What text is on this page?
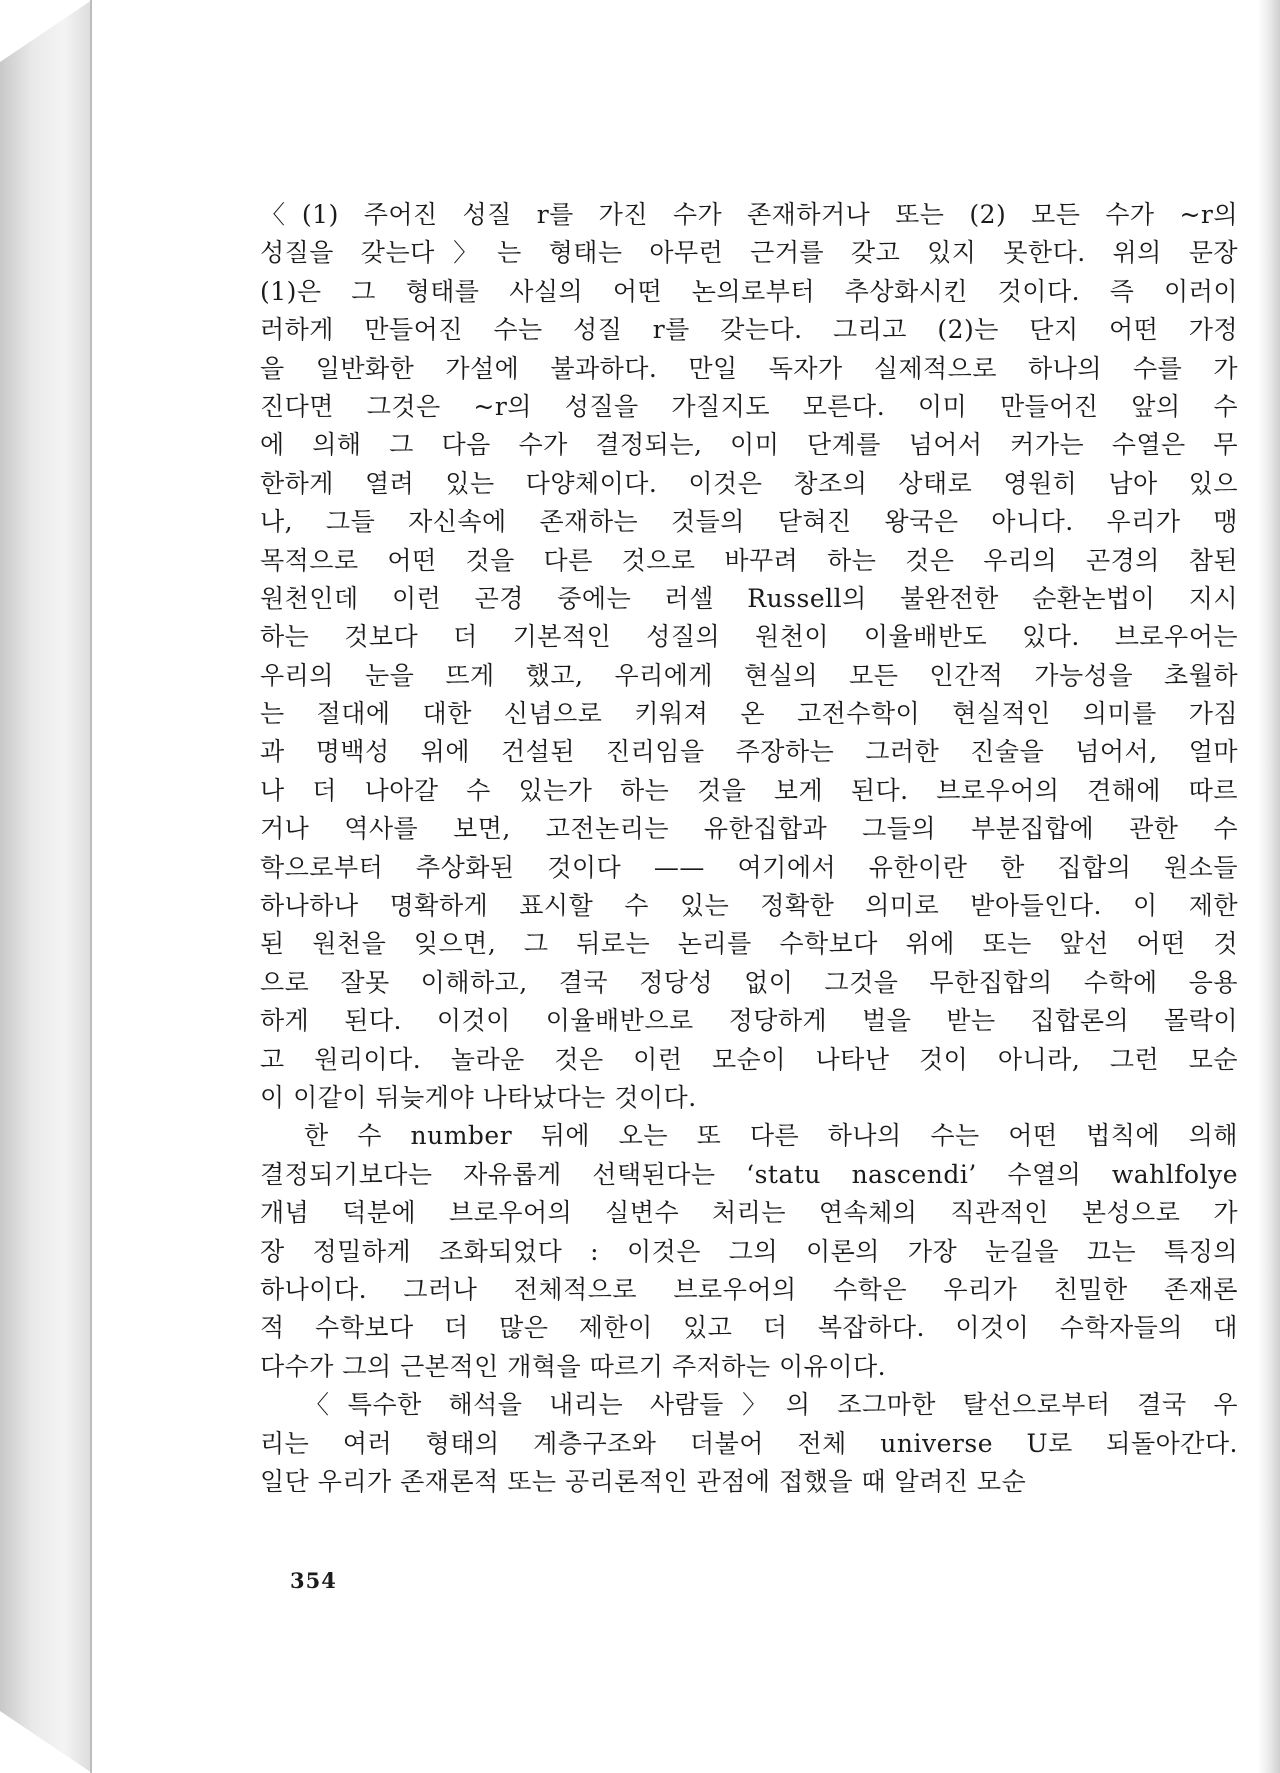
〈(1) 주어진 성질 r를 가진 수가 존재하거나 또는 (2) 모든 수가 ~r의
성질을 갖는다〉는 형태는 아무런 근거를 갖고 있지 못한다. 위의 문장
(1)은 그 형태를 사실의 어떤 논의로부터 추상화시킨 것이다. 즉 이러이
러하게 만들어진 수는 성질 r를 갖는다. 그리고 (2)는 단지 어떤 가정
을 일반화한 가설에 불과하다. 만일 독자가 실제적으로 하나의 수를 가
진다면 그것은 ~r의 성질을 가질지도 모른다. 이미 만들어진 앞의 수
에 의해 그 다음 수가 결정되는, 이미 단계를 넘어서 커가는 수열은 무
한하게 열려 있는 다양체이다. 이것은 창조의 상태로 영원히 남아 있으
나, 그들 자신속에 존재하는 것들의 닫혀진 왕국은 아니다. 우리가 맹
목적으로 어떤 것을 다른 것으로 바꾸려 하는 것은 우리의 곤경의 참된
원천인데 이런 곤경 중에는 러셀 Russell의 불완전한 순환논법이 지시
하는 것보다 더 기본적인 성질의 원천이 이율배반도 있다. 브로우어는
우리의 눈을 뜨게 했고, 우리에게 현실의 모든 인간적 가능성을 초월하
는 절대에 대한 신념으로 키워져 온 고전수학이 현실적인 의미를 가짐
과 명백성 위에 건설된 진리임을 주장하는 그러한 진술을 넘어서, 얼마
나 더 나아갈 수 있는가 하는 것을 보게 된다. 브로우어의 견해에 따르
거나 역사를 보면, 고전논리는 유한집합과 그들의 부분집합에 관한 수
학으로부터 추상화된 것이다 —— 여기에서 유한이란 한 집합의 원소들
하나하나 명확하게 표시할 수 있는 정확한 의미로 받아들인다. 이 제한
된 원천을 잊으면, 그 뒤로는 논리를 수학보다 위에 또는 앞선 어떤 것
으로 잘못 이해하고, 결국 정당성 없이 그것을 무한집합의 수학에 응용
하게 된다. 이것이 이율배반으로 정당하게 벌을 받는 집합론의 몰락이
고 원리이다. 놀라운 것은 이런 모순이 나타난 것이 아니라, 그런 모순
이 이같이 뒤늦게야 나타났다는 것이다.
한 수 number 뒤에 오는 또 다른 하나의 수는 어떤 법칙에 의해
결정되기보다는 자유롭게 선택된다는 ‘statu nascendi’ 수열의 wahlfolye
개념 덕분에 브로우어의 실변수 처리는 연속체의 직관적인 본성으로 가
장 정밀하게 조화되었다 : 이것은 그의 이론의 가장 눈길을 끄는 특징의
하나이다. 그러나 전체적으로 브로우어의 수학은 우리가 친밀한 존재론
적 수학보다 더 많은 제한이 있고 더 복잡하다. 이것이 수학자들의 대
다수가 그의 근본적인 개혁을 따르기 주저하는 이유이다.
〈특수한 해석을 내리는 사람들〉의 조그마한 탈선으로부터 결국 우
리는 여러 형태의 계층구조와 더불어 전체 universe U로 되돌아간다.
일단 우리가 존재론적 또는 공리론적인 관점에 접했을 때 알려진 모순
354
